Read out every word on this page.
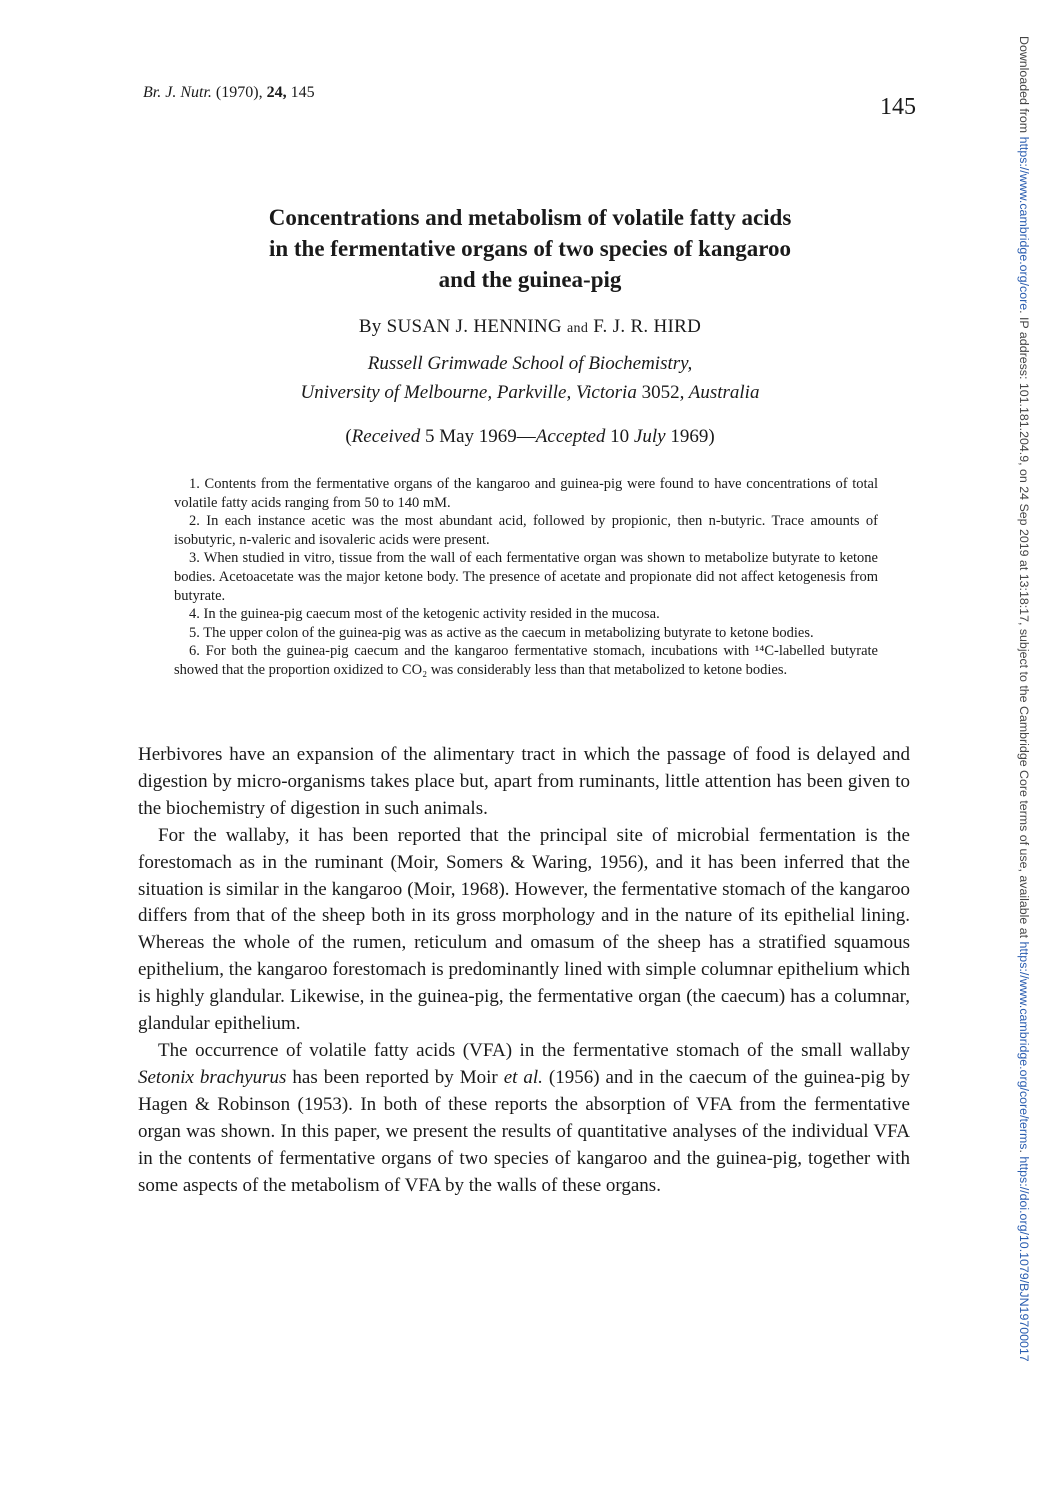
Br. J. Nutr. (1970), 24, 145
145
Concentrations and metabolism of volatile fatty acids
in the fermentative organs of two species of kangaroo
and the guinea-pig
By SUSAN J. HENNING and F. J. R. HIRD
Russell Grimwade School of Biochemistry,
University of Melbourne, Parkville, Victoria 3052, Australia
(Received 5 May 1969—Accepted 10 July 1969)

1. Contents from the fermentative organs of the kangaroo and guinea-pig were found to have concentrations of total volatile fatty acids ranging from 50 to 140 mM.

2. In each instance acetic was the most abundant acid, followed by propionic, then n-butyric. Trace amounts of isobutyric, n-valeric and isovaleric acids were present.

3. When studied in vitro, tissue from the wall of each fermentative organ was shown to metabolize butyrate to ketone bodies. Acetoacetate was the major ketone body. The presence of acetate and propionate did not affect ketogenesis from butyrate.

4. In the guinea-pig caecum most of the ketogenic activity resided in the mucosa.

5. The upper colon of the guinea-pig was as active as the caecum in metabolizing butyrate to ketone bodies.

6. For both the guinea-pig caecum and the kangaroo fermentative stomach, incubations with ¹⁴C-labelled butyrate showed that the proportion oxidized to CO₂ was considerably less than that metabolized to ketone bodies.

Herbivores have an expansion of the alimentary tract in which the passage of food is delayed and digestion by micro-organisms takes place but, apart from ruminants, little attention has been given to the biochemistry of digestion in such animals.

For the wallaby, it has been reported that the principal site of microbial fermentation is the forestomach as in the ruminant (Moir, Somers & Waring, 1956), and it has been inferred that the situation is similar in the kangaroo (Moir, 1968). However, the fermentative stomach of the kangaroo differs from that of the sheep both in its gross morphology and in the nature of its epithelial lining. Whereas the whole of the rumen, reticulum and omasum of the sheep has a stratified squamous epithelium, the kangaroo forestomach is predominantly lined with simple columnar epithelium which is highly glandular. Likewise, in the guinea-pig, the fermentative organ (the caecum) has a columnar, glandular epithelium.

The occurrence of volatile fatty acids (VFA) in the fermentative stomach of the small wallaby Setonix brachyurus has been reported by Moir et al. (1956) and in the caecum of the guinea-pig by Hagen & Robinson (1953). In both of these reports the absorption of VFA from the fermentative organ was shown. In this paper, we present the results of quantitative analyses of the individual VFA in the contents of fermentative organs of two species of kangaroo and the guinea-pig, together with some aspects of the metabolism of VFA by the walls of these organs.

Downloaded from https://www.cambridge.org/core. IP address: 101.181.204.9, on 24 Sep 2019 at 13:18:17, subject to the Cambridge Core terms of use, available at https://www.cambridge.org/core/terms. https://doi.org/10.1079/BJN19700017
